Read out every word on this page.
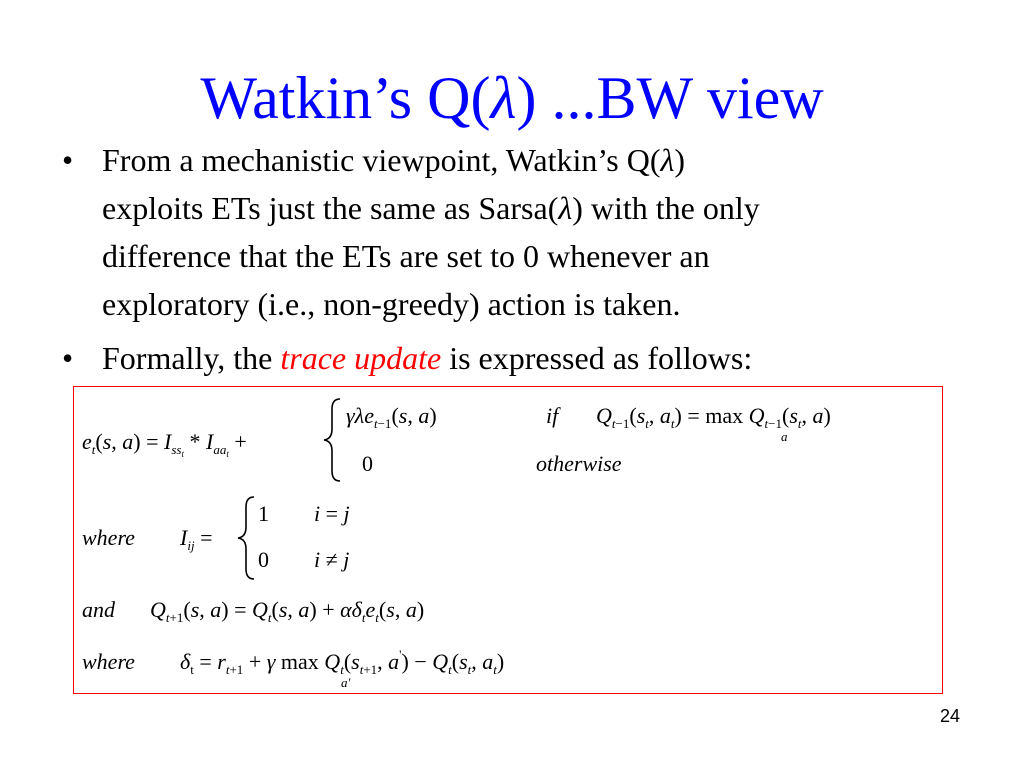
Watkin’s Q(λ) ...BW view
• From a mechanistic viewpoint, Watkin’s Q(λ)
exploits ETs just the same as Sarsa(λ) with the only
difference that the ETs are set to 0 whenever an
exploratory (i.e., non-greedy) action is taken.
• Formally, the trace update is expressed as follows:
$e_t(s$, $a) = I_{ss}t * I_{aa}t$ +
γλe$_t$−1(s, a)	if $Q_t-1(s_t$, $a_t) = \max Q_t-1(s_t$, a)
a
0	otherwise
where $I_{ij}$ =
1 i = j
0 i ≠ j
and $Q_t+1(s$, $a) = Q_t(s$, $a) + \alpha\delta_te_t(s$, a)
where $\delta_t = r_t+1 + \gamma$ $\max Q_t(s_t+1$, $a') - Q_t(s_t$, $a_t$)
a'
24
